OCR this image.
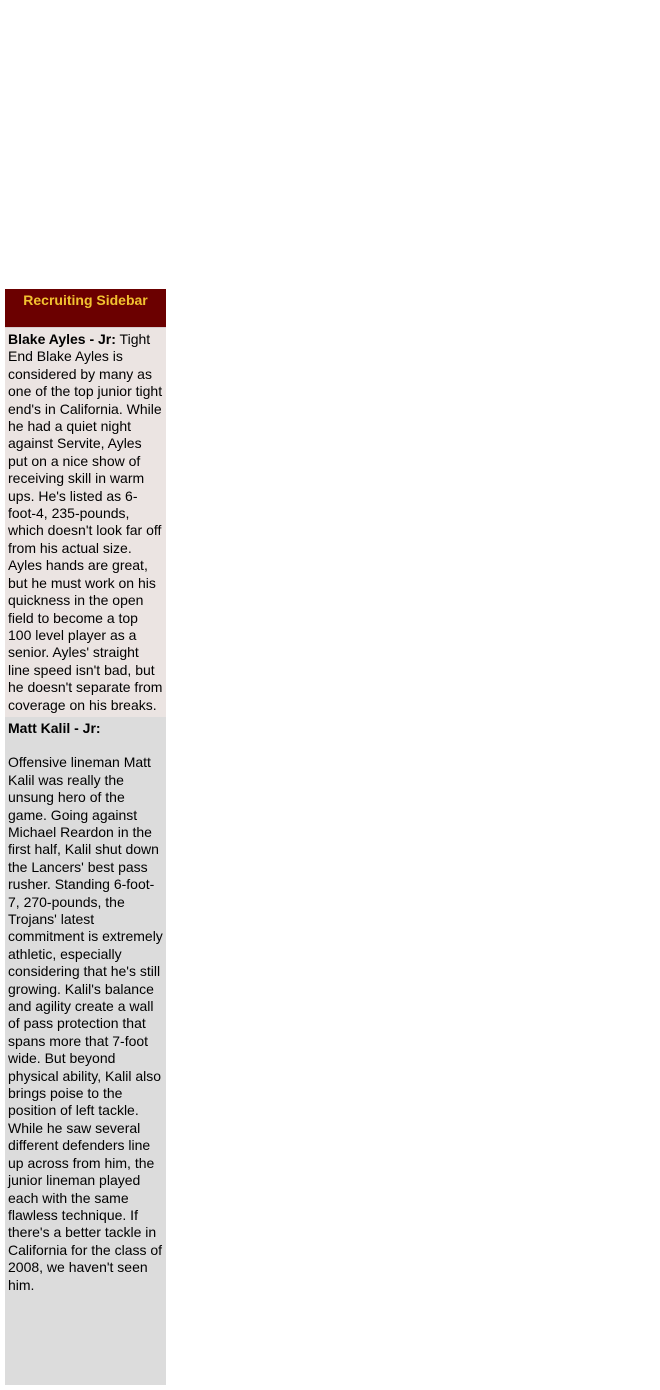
Recruiting Sidebar
Blake Ayles - Jr: Tight End Blake Ayles is considered by many as one of the top junior tight end's in California. While he had a quiet night against Servite, Ayles put on a nice show of receiving skill in warm ups. He's listed as 6-foot-4, 235-pounds, which doesn't look far off from his actual size. Ayles hands are great, but he must work on his quickness in the open field to become a top 100 level player as a senior. Ayles' straight line speed isn't bad, but he doesn't separate from coverage on his breaks.
Matt Kalil - Jr:
Offensive lineman Matt Kalil was really the unsung hero of the game. Going against Michael Reardon in the first half, Kalil shut down the Lancers' best pass rusher. Standing 6-foot-7, 270-pounds, the Trojans' latest commitment is extremely athletic, especially considering that he's still growing. Kalil's balance and agility create a wall of pass protection that spans more that 7-foot wide. But beyond physical ability, Kalil also brings poise to the position of left tackle. While he saw several different defenders line up across from him, the junior lineman played each with the same flawless technique. If there's a better tackle in California for the class of 2008, we haven't seen him.
